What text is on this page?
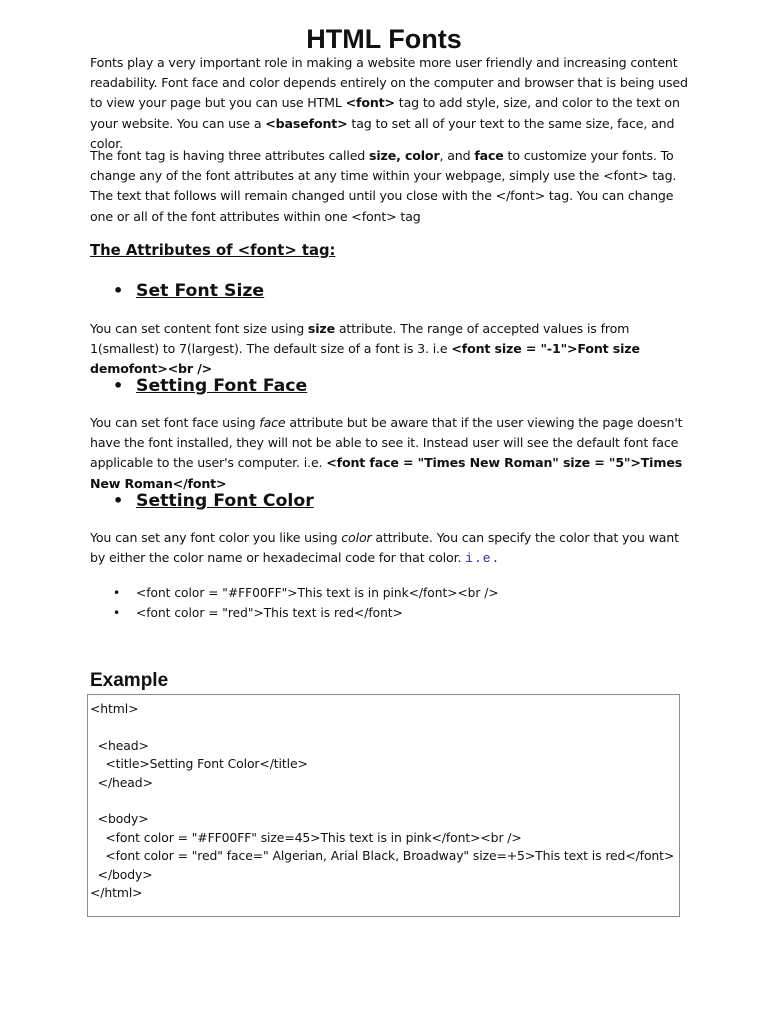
HTML Fonts
Fonts play a very important role in making a website more user friendly and increasing content readability. Font face and color depends entirely on the computer and browser that is being used to view your page but you can use HTML <font> tag to add style, size, and color to the text on your website. You can use a <basefont> tag to set all of your text to the same size, face, and color.
The font tag is having three attributes called size, color, and face to customize your fonts. To change any of the font attributes at any time within your webpage, simply use the <font> tag. The text that follows will remain changed until you close with the </font> tag. You can change one or all of the font attributes within one <font> tag
The Attributes of <font> tag:
• Set Font Size
You can set content font size using size attribute. The range of accepted values is from 1(smallest) to 7(largest). The default size of a font is 3. i.e <font size = "-1">Font size demofont><br />
• Setting Font Face
You can set font face using face attribute but be aware that if the user viewing the page doesn't have the font installed, they will not be able to see it. Instead user will see the default font face applicable to the user's computer. i.e. <font face = "Times New Roman" size = "5">Times New Roman</font>
• Setting Font Color
You can set any font color you like using color attribute. You can specify the color that you want by either the color name or hexadecimal code for that color. i.e.
• <font color = "#FF00FF">This text is in pink</font><br />
• <font color = "red">This text is red</font>
Example
<html>
<head>
<title>Setting Font Color</title>
</head>
<body>
<font color = "#FF00FF" size=45>This text is in pink</font><br />
<font color = "red" face=" Algerian, Arial Black, Broadway" size=+5>This text is red</font>
</body>
</html>
